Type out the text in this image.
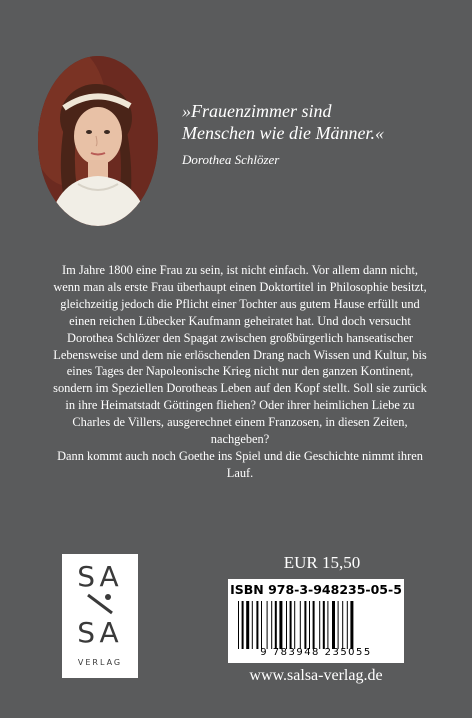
»Frauenzimmer sind
Menschen wie die Männer.«
Dorothea Schlözer

Im Jahre 1800 eine Frau zu sein, ist nicht einfach. Vor allem dann nicht, wenn man als erste Frau überhaupt einen Doktortitel in Philosophie besitzt, gleichzeitig jedoch die Pflicht einer Tochter aus gutem Hause erfüllt und einen reichen Lübecker Kaufmann geheiratet hat. Und doch versucht Dorothea Schlözer den Spagat zwischen großbürgerlich hanseatischer Lebensweise und dem nie erlöschenden Drang nach Wissen und Kultur, bis eines Tages der Napoleonische Krieg nicht nur den ganzen Kontinent, sondern im Speziellen Dorotheas Leben auf den Kopf stellt. Soll sie zurück in ihre Heimatstadt Göttingen fliehen? Oder ihrer heimlichen Liebe zu Charles de Villers, ausgerechnet einem Franzosen, in diesen Zeiten, nachgeben?

Dann kommt auch noch Goethe ins Spiel und die Geschichte nimmt ihren Lauf.

SA
SA
VERLAG
EUR 15,50
ISBN 978-3-948235-05-5
9 783948 235055
www.salsa-verlag.de
